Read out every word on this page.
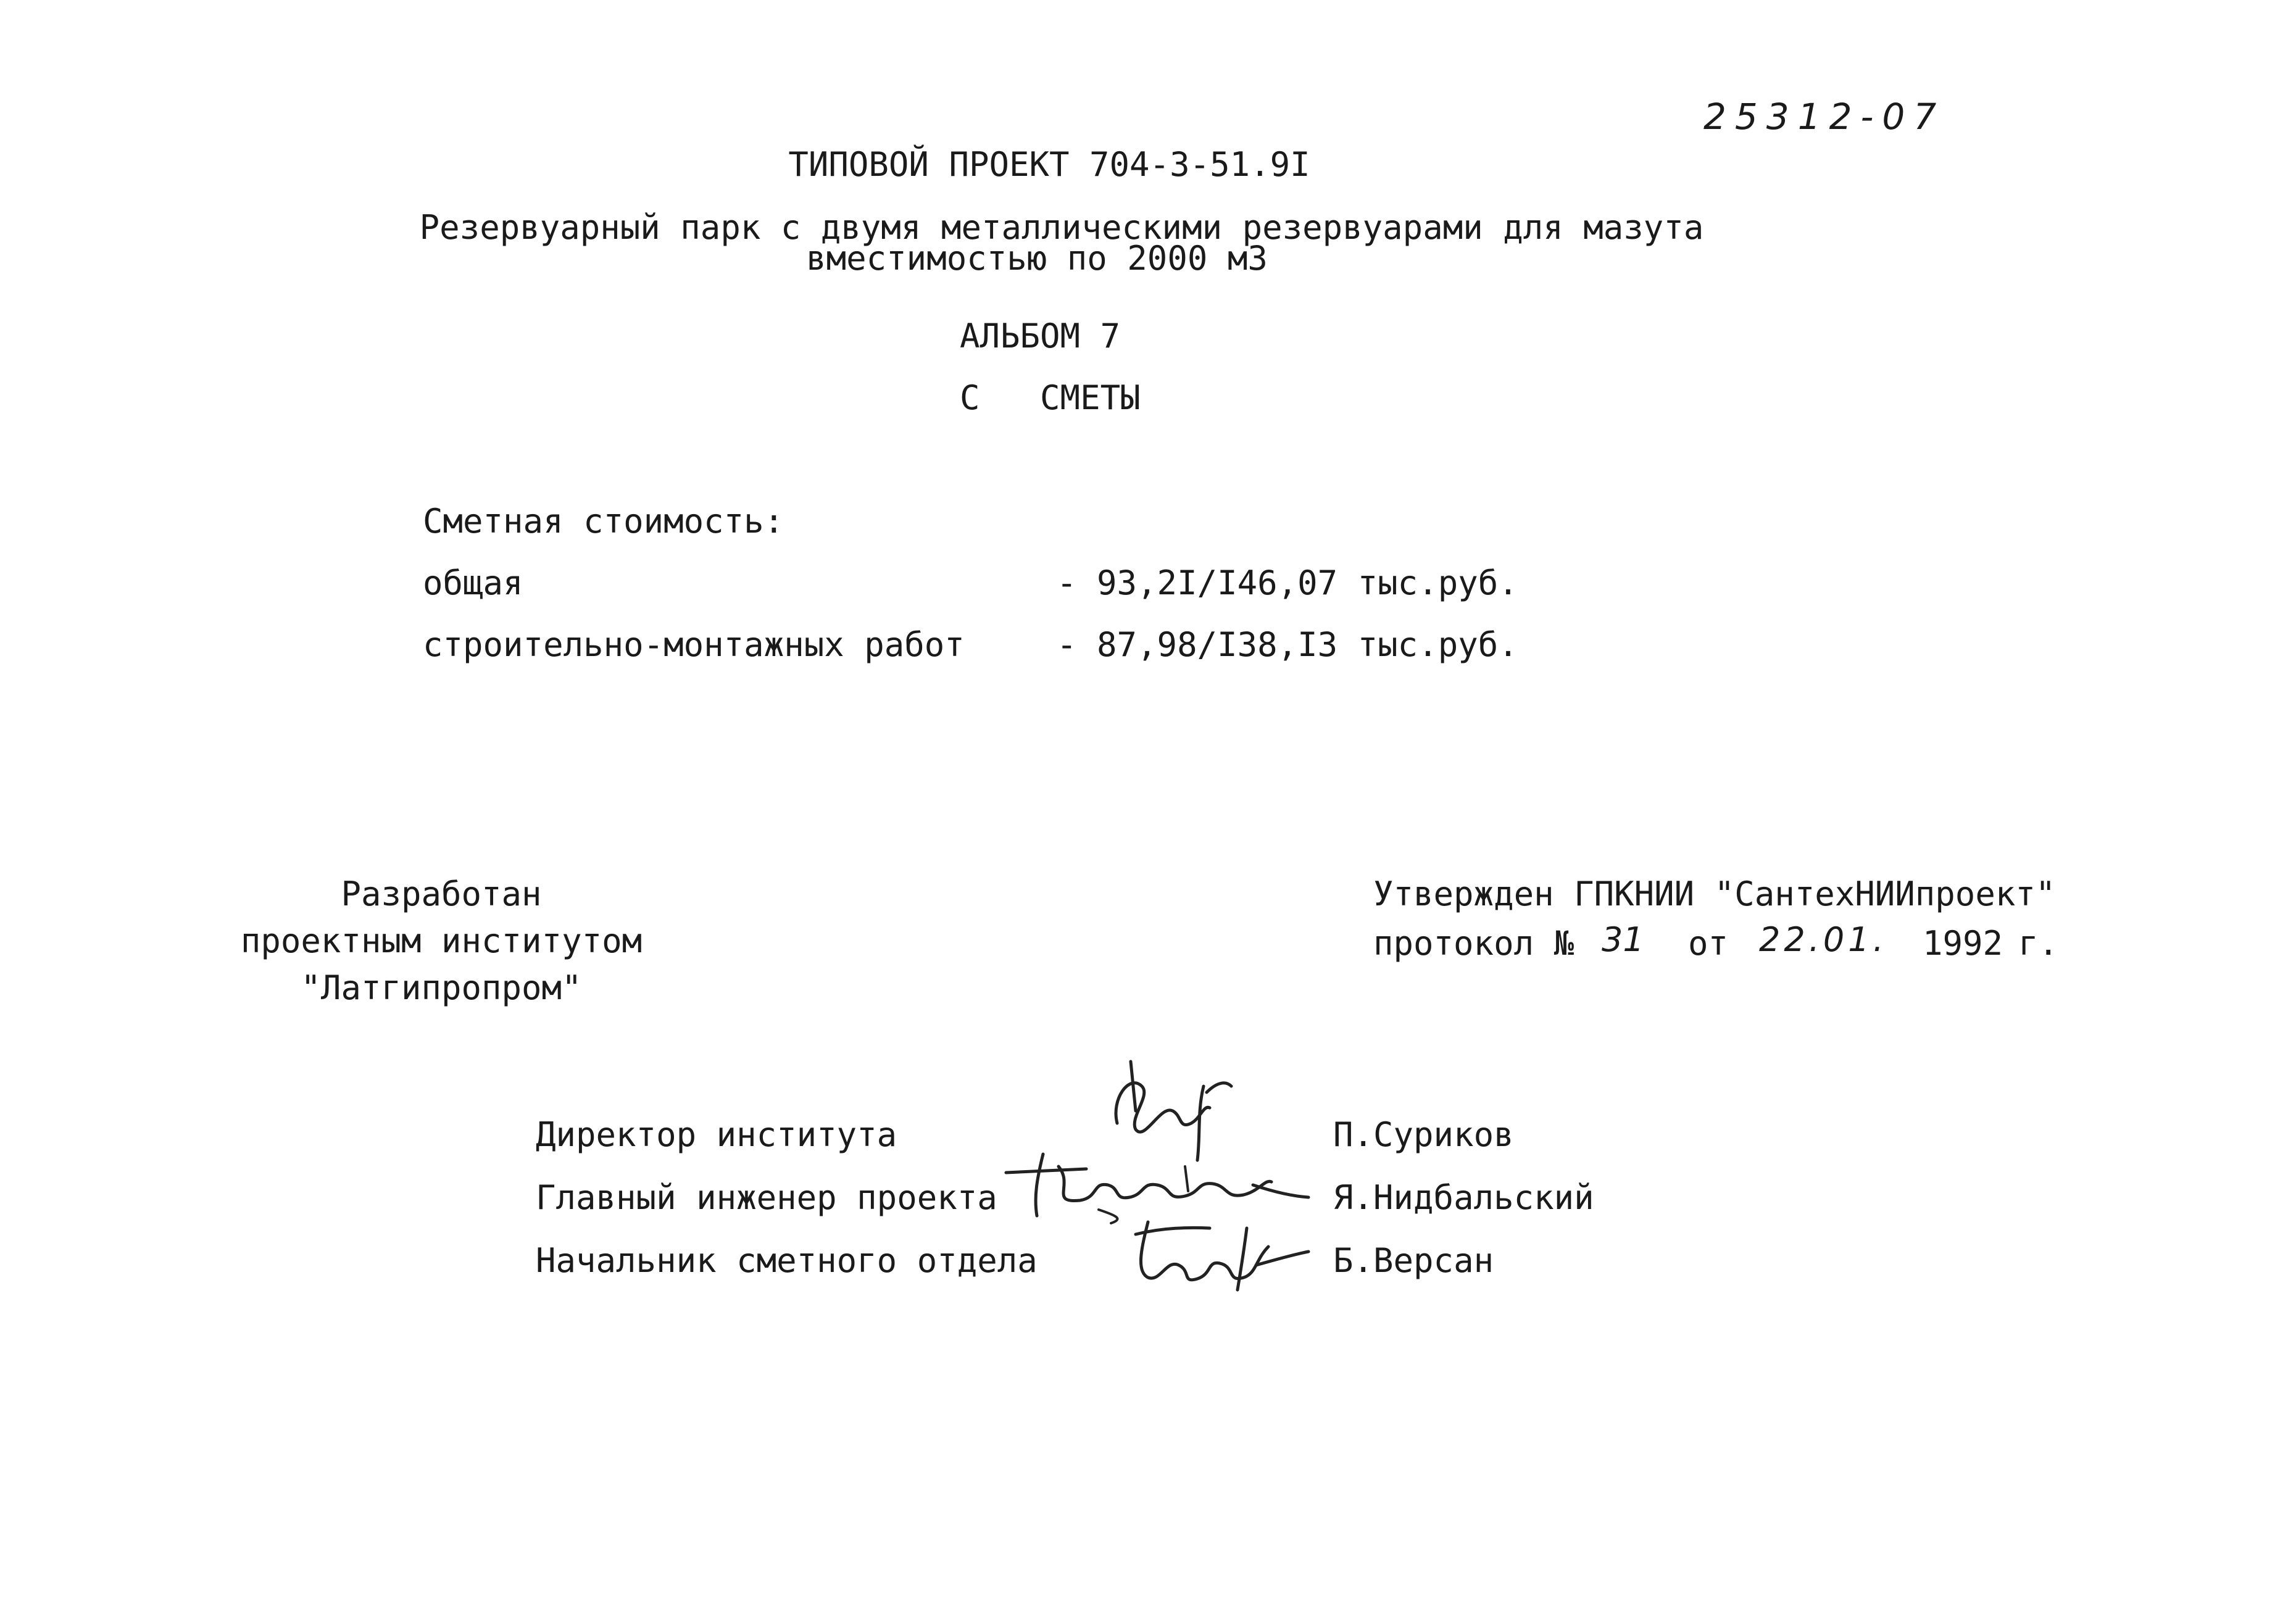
25312-07
ТИПОВОЙ ПРОЕКТ 704-3-51.9I
Резервуарный парк с двумя металлическими резервуарами для мазута
вместимостью по 2000 м3
АЛЬБОМ 7
С   СМЕТЫ
Сметная стоимость:
общая	- 93,2I/I46,07 тыс.руб.
строительно-монтажных работ	- 87,98/I38,I3 тыс.руб.
Разработан
проектным институтом
"Латгипропром"
Утвержден ГПКНИИ "СантехНИИпроект"
протокол № 31 от 22.01. 1992 г.
Директор института	П.Суриков
Главный инженер проекта	Я.Нидбальский
Начальник сметного отдела	Б.Версан
